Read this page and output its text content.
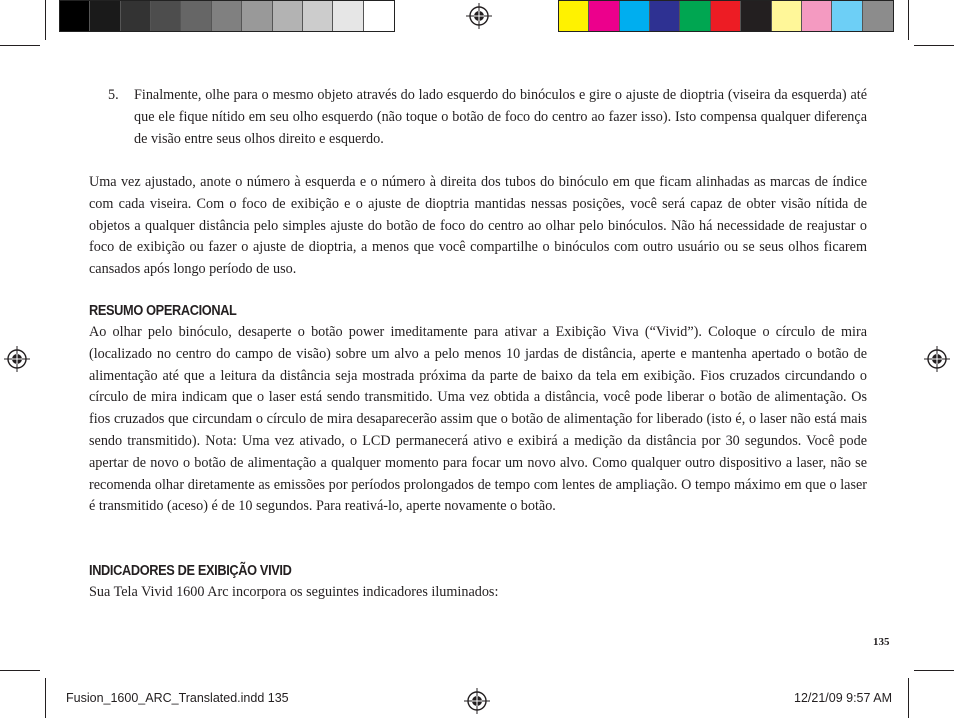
5. Finalmente, olhe para o mesmo objeto através do lado esquerdo do binóculos e gire o ajuste de dioptria (viseira da esquerda) até que ele fique nítido em seu olho esquerdo (não toque o botão de foco do centro ao fazer isso). Isto compensa qualquer diferença de visão entre seus olhos direito e esquerdo.

Uma vez ajustado, anote o número à esquerda e o número à direita dos tubos do binóculo em que ficam alinhadas as marcas de índice com cada viseira. Com o foco de exibição e o ajuste de dioptria mantidas nessas posições, você será capaz de obter visão nítida de objetos a qualquer distância pelo simples ajuste do botão de foco do centro ao olhar pelo binóculos. Não há necessidade de reajustar o foco de exibição ou fazer o ajuste de dioptria, a menos que você compartilhe o binóculos com outro usuário ou se seus olhos ficarem cansados após longo período de uso.

RESUMO OPERACIONAL

Ao olhar pelo binóculo, desaperte o botão power imeditamente para ativar a Exibição Viva (“Vivid”). Coloque o círculo de mira (localizado no centro do campo de visão) sobre um alvo a pelo menos 10 jardas de distância, aperte e mantenha apertado o botão de alimentação até que a leitura da distância seja mostrada próxima da parte de baixo da tela em exibição. Fios cruzados circundando o círculo de mira indicam que o laser está sendo transmitido. Uma vez obtida a distância, você pode liberar o botão de alimentação. Os fios cruzados que circundam o círculo de mira desaparecerão assim que o botão de alimentação for liberado (isto é, o laser não está mais sendo transmitido). Nota: Uma vez ativado, o LCD permanecerá ativo e exibirá a medição da distância por 30 segundos. Você pode apertar de novo o botão de alimentação a qualquer momento para focar um novo alvo. Como qualquer outro dispositivo a laser, não se recomenda olhar diretamente as emissões por períodos prolongados de tempo com lentes de ampliação. O tempo máximo em que o laser é transmitido (aceso) é de 10 segundos. Para reativá-lo, aperte novamente o botão.

INDICADORES DE EXIBIÇÃO VIVID

Sua Tela Vivid 1600 Arc incorpora os seguintes indicadores iluminados:

135
Fusion_1600_ARC_Translated.indd 135	12/21/09 9:57 AM
